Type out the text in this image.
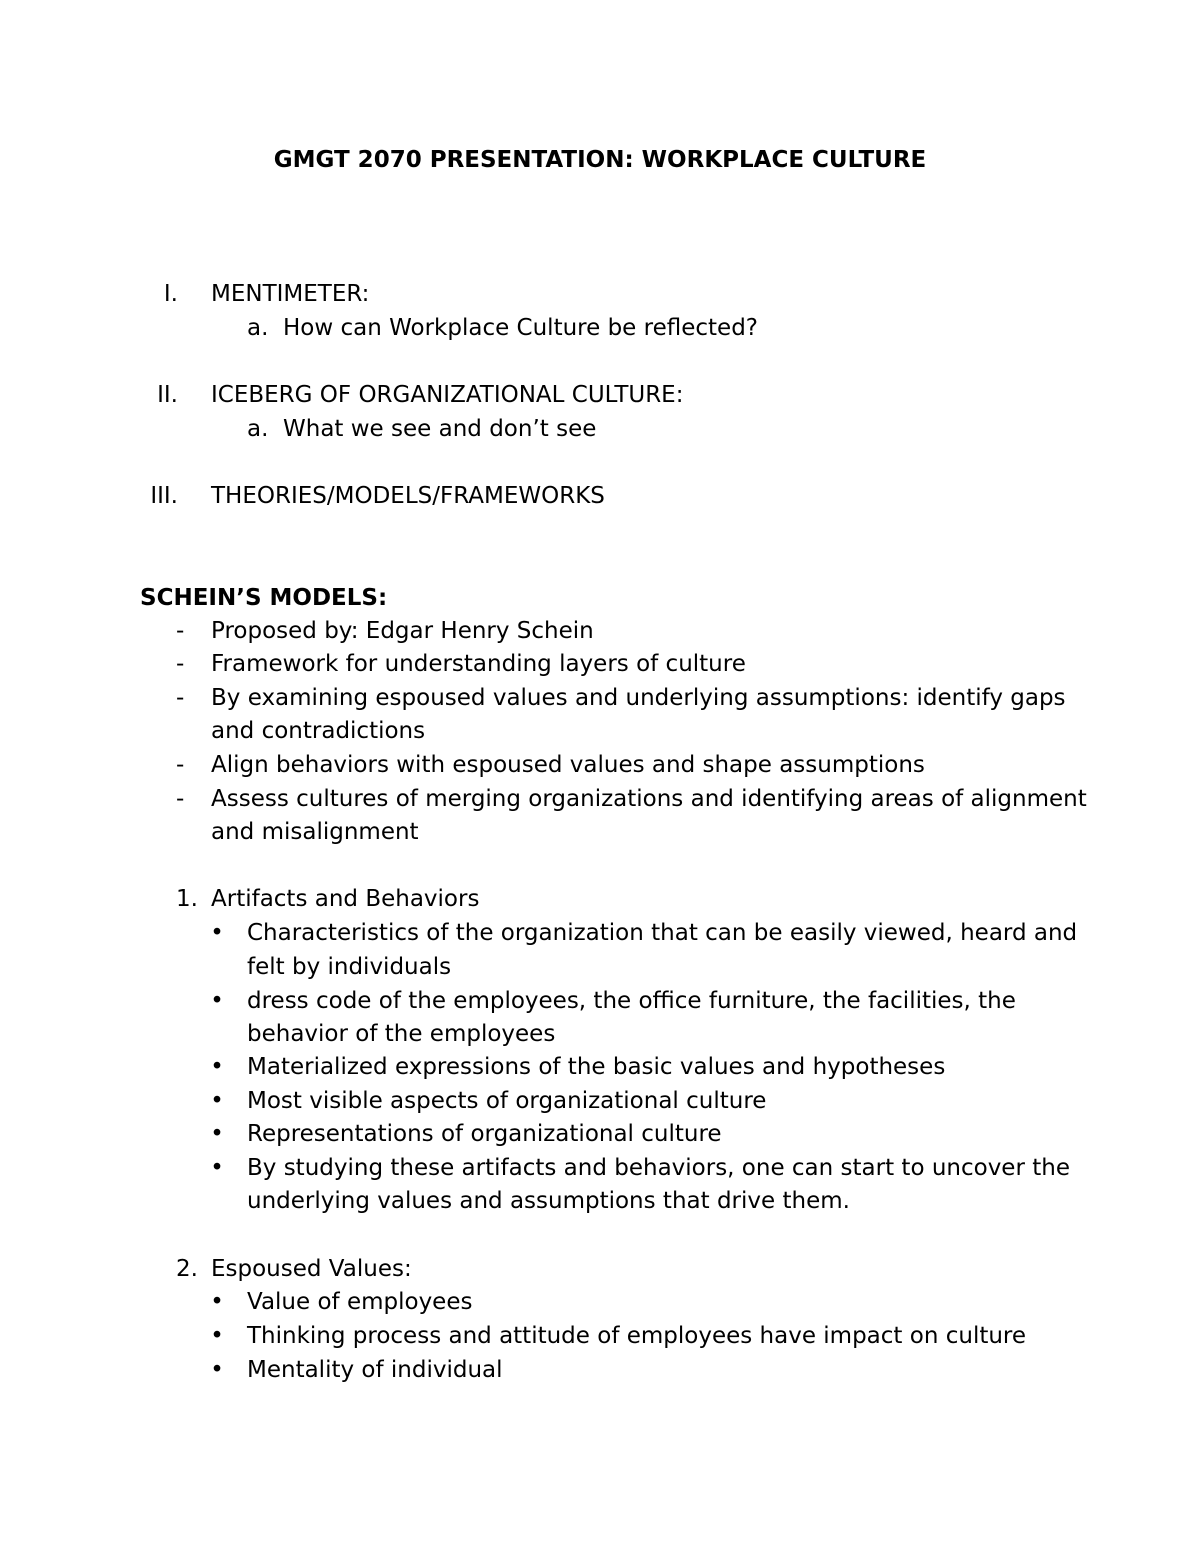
GMGT 2070 PRESENTATION: WORKPLACE CULTURE
I. MENTIMETER:
a. How can Workplace Culture be reflected?
II. ICEBERG OF ORGANIZATIONAL CULTURE:
a. What we see and don’t see
III. THEORIES/MODELS/FRAMEWORKS
SCHEIN’S MODELS:
- Proposed by: Edgar Henry Schein
- Framework for understanding layers of culture
- By examining espoused values and underlying assumptions: identify gaps
and contradictions
- Align behaviors with espoused values and shape assumptions
- Assess cultures of merging organizations and identifying areas of alignment
and misalignment
1. Artifacts and Behaviors
• Characteristics of the organization that can be easily viewed, heard and
felt by individuals
• dress code of the employees, the office furniture, the facilities, the
behavior of the employees
• Materialized expressions of the basic values and hypotheses
• Most visible aspects of organizational culture
• Representations of organizational culture
• By studying these artifacts and behaviors, one can start to uncover the
underlying values and assumptions that drive them.
2. Espoused Values:
• Value of employees
• Thinking process and attitude of employees have impact on culture
• Mentality of individual
